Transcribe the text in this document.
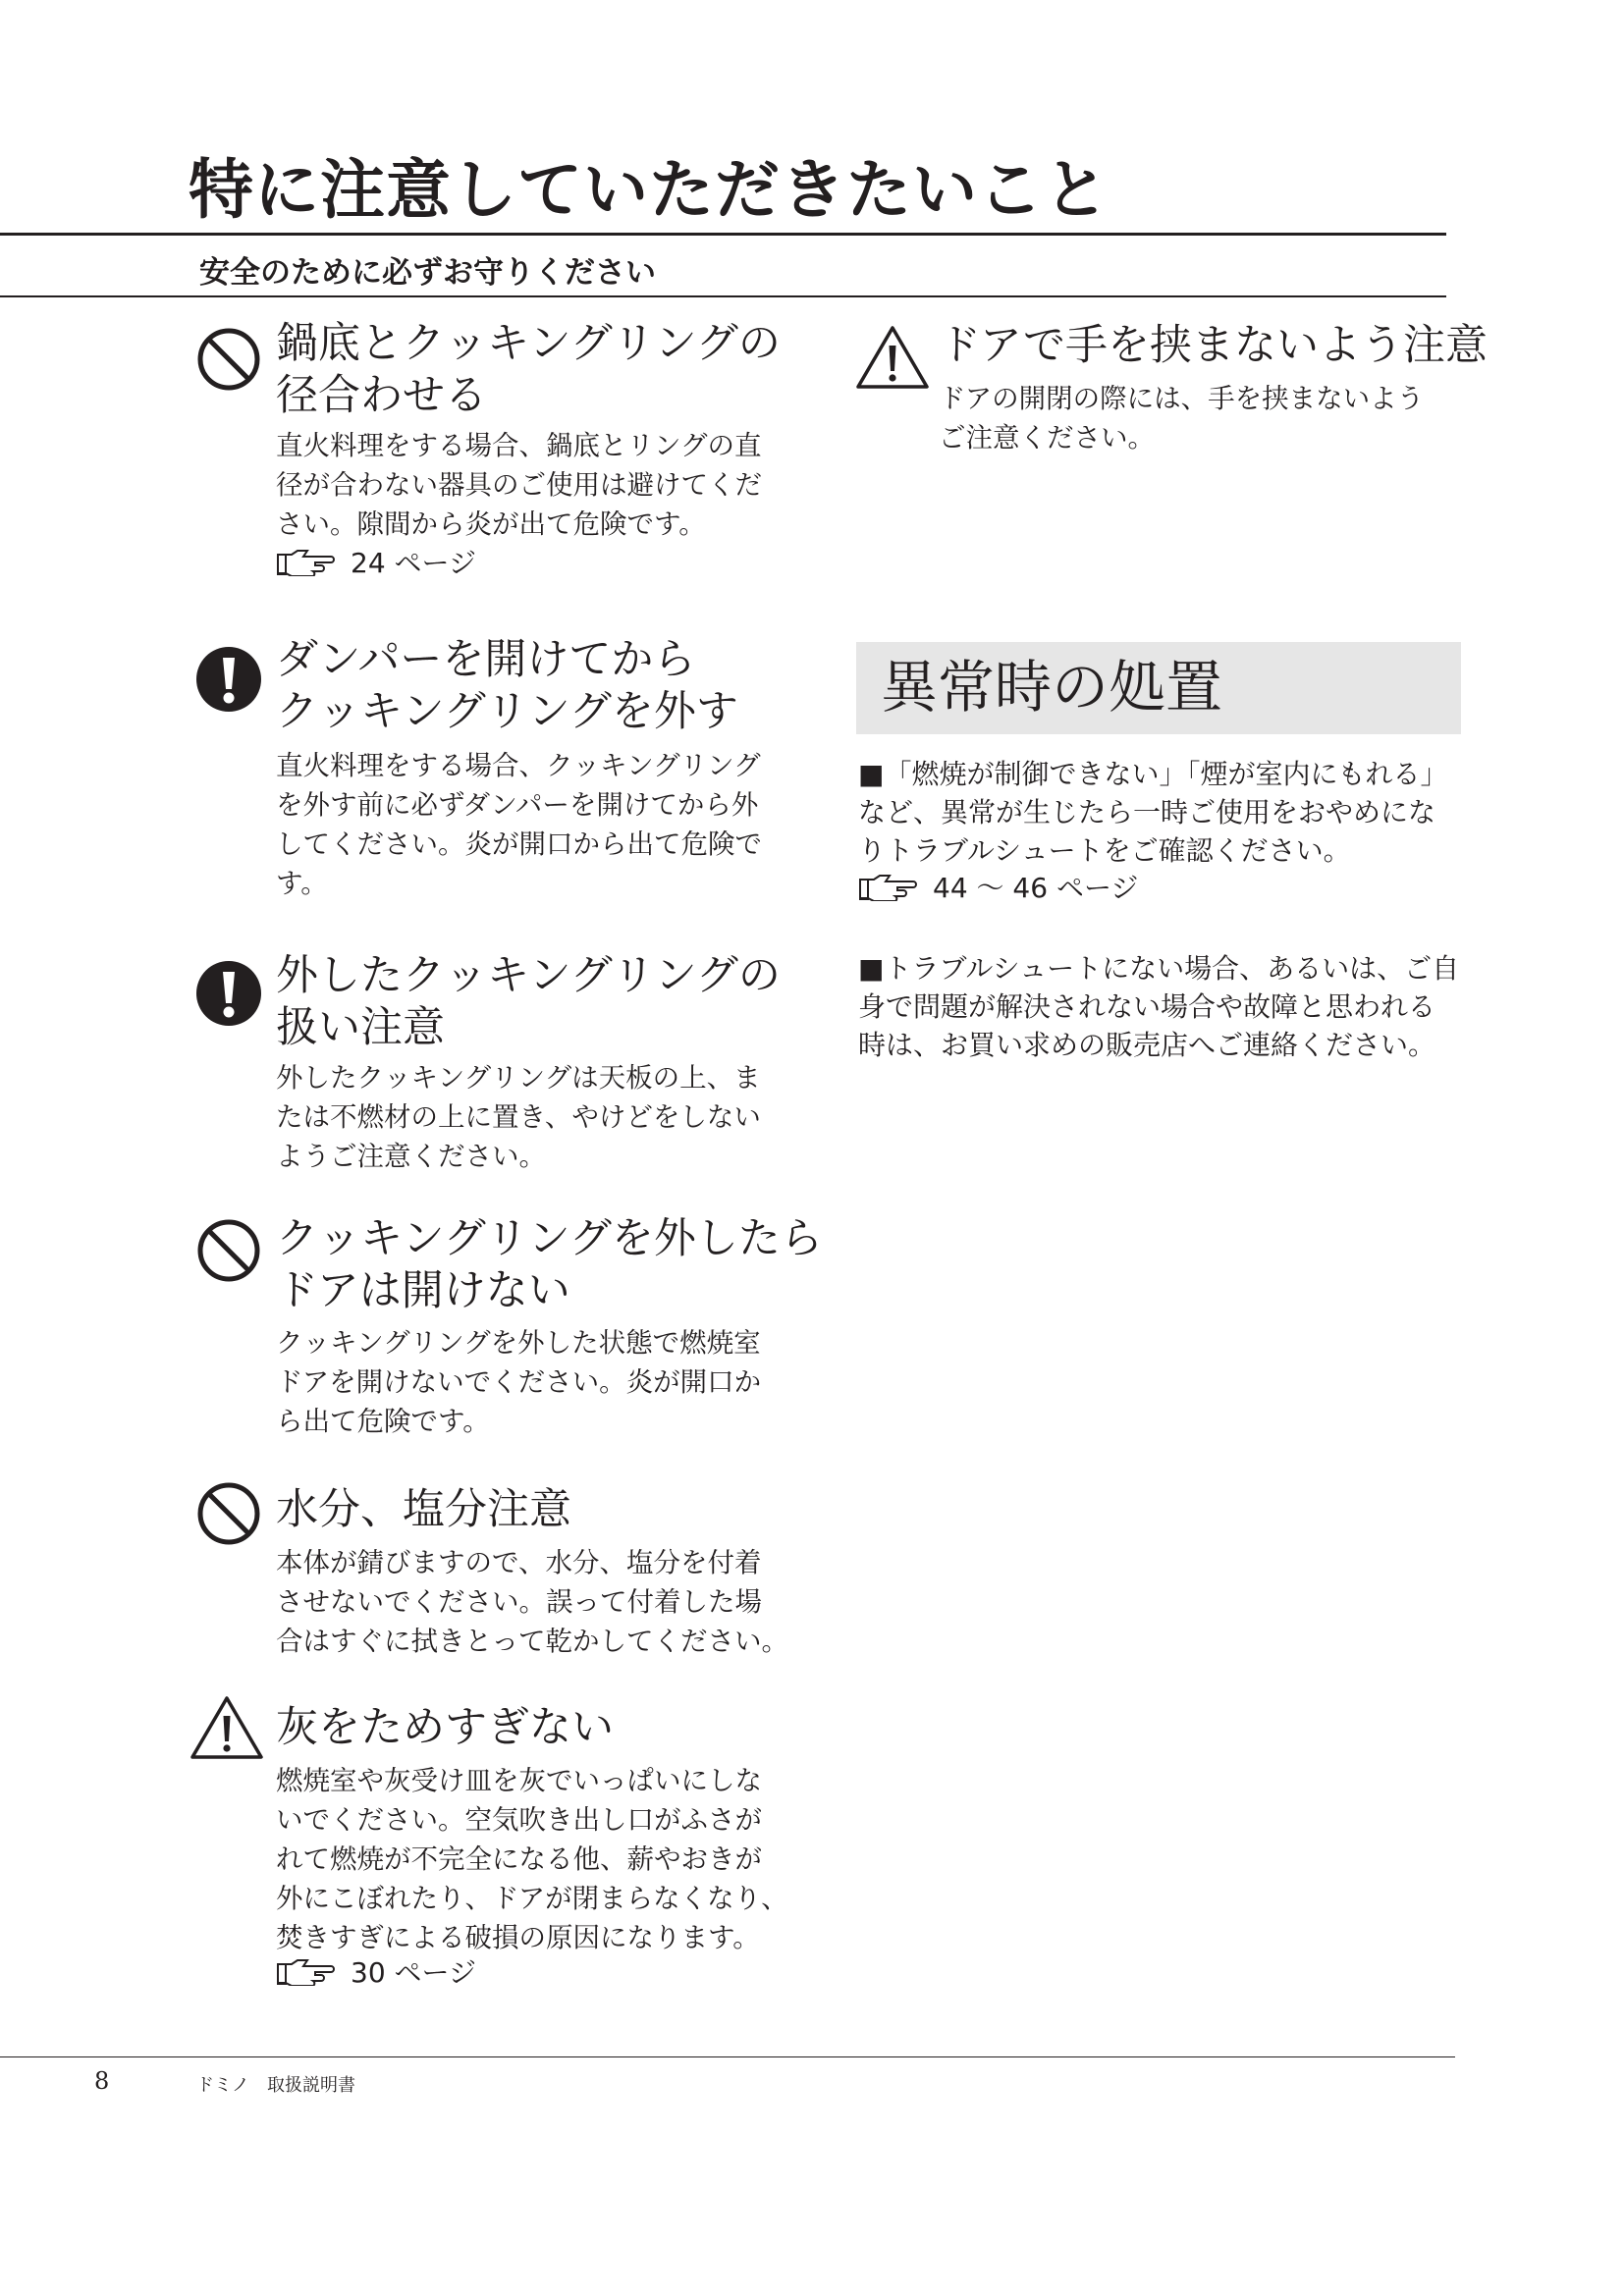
特に注意していただきたいこと
安全のために必ずお守りください
鍋底とクッキングリングの
径合わせる
直火料理をする場合、鍋底とリングの直
径が合わない器具のご使用は避けてくだ
さい。隙間から炎が出て危険です。
24 ページ
ダンパーを開けてから
クッキングリングを外す
直火料理をする場合、クッキングリング
を外す前に必ずダンパーを開けてから外
してください。炎が開口から出て危険で
す。
外したクッキングリングの
扱い注意
外したクッキングリングは天板の上、ま
たは不燃材の上に置き、やけどをしない
ようご注意ください。
クッキングリングを外したら
ドアは開けない
クッキングリングを外した状態で燃焼室
ドアを開けないでください。炎が開口か
ら出て危険です。
水分、塩分注意
本体が錆びますので、水分、塩分を付着
させないでください。誤って付着した場
合はすぐに拭きとって乾かしてください。
灰をためすぎない
燃焼室や灰受け皿を灰でいっぱいにしな
いでください。空気吹き出し口がふさが
れて燃焼が不完全になる他、薪やおきが
外にこぼれたり、ドアが閉まらなくなり、
焚きすぎによる破損の原因になります。
30 ページ
ドアで手を挟まないよう注意
ドアの開閉の際には、手を挟まないよう
ご注意ください。
異常時の処置
■「燃焼が制御できない」「煙が室内にもれる」
など、異常が生じたら一時ご使用をおやめにな
りトラブルシュートをご確認ください。
44 ～ 46 ページ
■トラブルシュートにない場合、あるいは、ご自
身で問題が解決されない場合や故障と思われる
時は、お買い求めの販売店へご連絡ください。
8	ドミノ　取扱説明書
